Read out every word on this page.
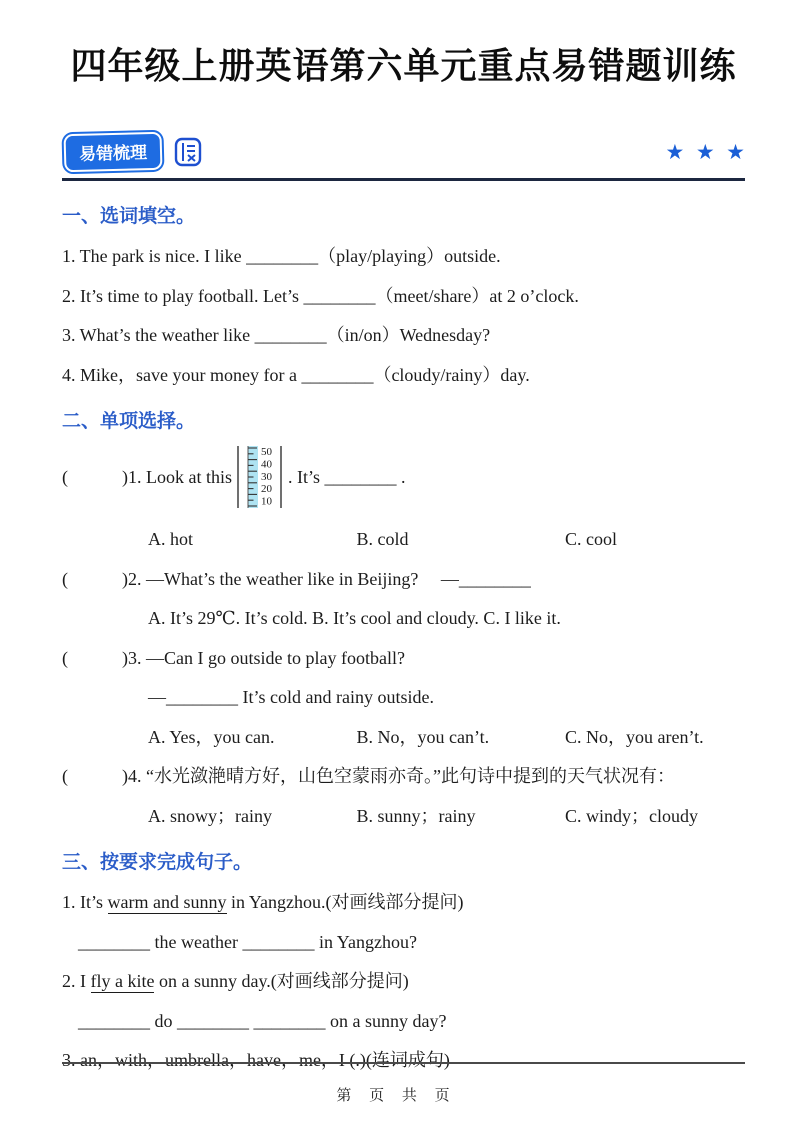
四年级上册英语第六单元重点易错题训练
易错梳理	★ ★ ★
一、选词填空。
1. The park is nice. I like ________（play/playing）outside.
2. It’s time to play football. Let’s ________（meet/share）at 2 o’clock.
3. What’s the weather like ________（in/on）Wednesday?
4. Mike，save your money for a ________（cloudy/rainy）day.
二、单项选择。
(　　　)1. Look at this
50
40
30
20
10
. It’s ________ .
A. hot	B. cold	C. cool
(　　　)2. —What’s the weather like in Beijing?　 —________
A. It’s 29℃. It’s cold. B. It’s cool and cloudy. C. I like it.
(　　　)3. —Can I go outside to play football?
—________ It’s cold and rainy outside.
A. Yes，you can.	B. No，you can’t.	C. No，you aren’t.
(　　　)4. “水光潋滟晴方好，山色空蒙雨亦奇。”此句诗中提到的天气状况有：
A. snowy；rainy	B. sunny；rainy	C. windy；cloudy
三、按要求完成句子。
1. It’s warm and sunny in Yangzhou.(对画线部分提问)
________ the weather ________ in Yangzhou?
2. I fly a kite on a sunny day.(对画线部分提问)
________ do ________ ________ on a sunny day?
3. an，with，umbrella，have，me，I (.)(连词成句)
第 页 共 页
